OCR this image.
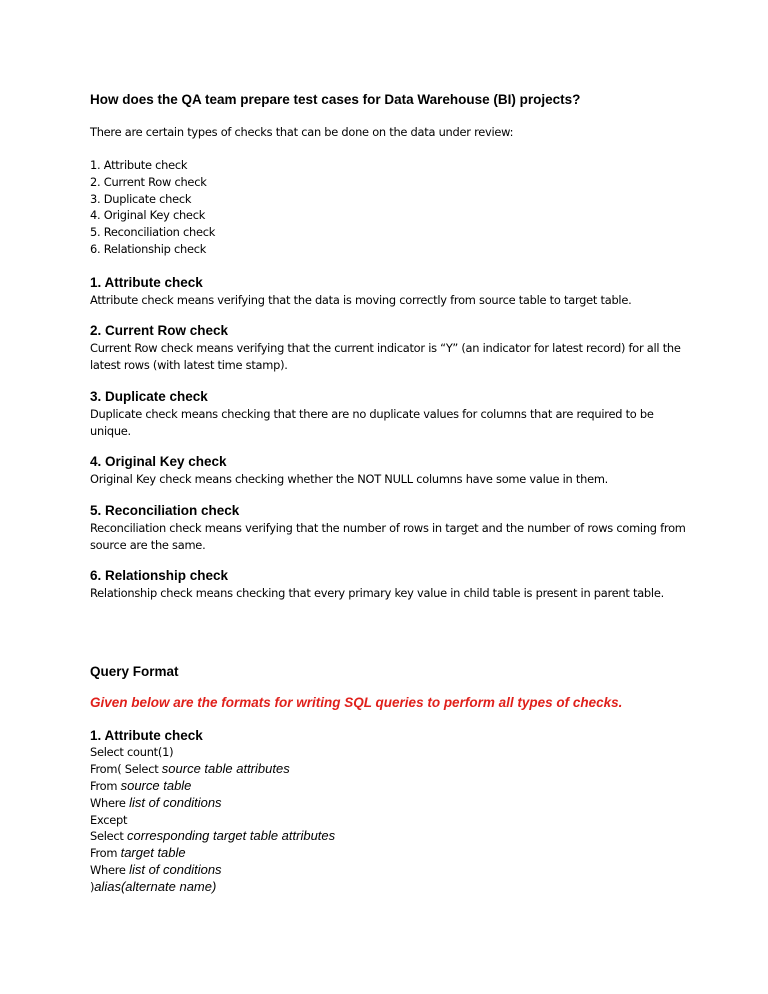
How does the QA team prepare test cases for Data Warehouse (BI) projects?
There are certain types of checks that can be done on the data under review:
1. Attribute check
2. Current Row check
3. Duplicate check
4. Original Key check
5. Reconciliation check
6. Relationship check
1. Attribute check
Attribute check means verifying that the data is moving correctly from source table to target table.
2. Current Row check
Current Row check means verifying that the current indicator is “Y” (an indicator for latest record) for all the latest rows (with latest time stamp).
3. Duplicate check
Duplicate check means checking that there are no duplicate values for columns that are required to be unique.
4. Original Key check
Original Key check means checking whether the NOT NULL columns have some value in them.
5. Reconciliation check
Reconciliation check means verifying that the number of rows in target and the number of rows coming from source are the same.
6. Relationship check
Relationship check means checking that every primary key value in child table is present in parent table.
Query Format
Given below are the formats for writing SQL queries to perform all types of checks.
1. Attribute check
Select count(1)
From( Select source table attributes
From source table
Where list of conditions
Except
Select corresponding target table attributes
From target table
Where list of conditions
)alias(alternate name)
